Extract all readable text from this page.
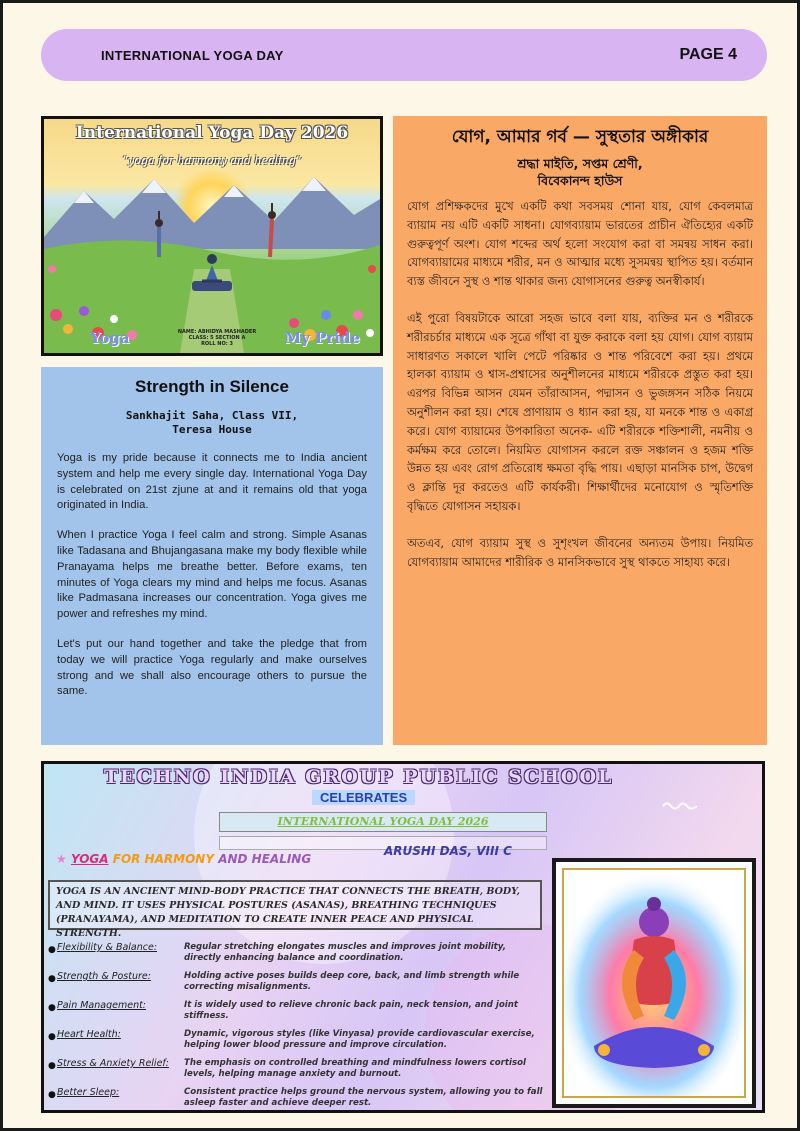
INTERNATIONAL YOGA DAY	PAGE 4
International Yoga Day 2026
“yoga for harmony and healing”
Yoga	NAME: ABHIDYA MASHADER
CLASS: 5 SECTION A
ROLL NO: 3	My Pride
Strength in Silence
Sankhajit Saha, Class VII,
Teresa House

Yoga is my pride because it connects me to India ancient system and help me every single day. International Yoga Day is celebrated on 21st zjune at and it remains old that yoga originated in India.

When I practice Yoga I feel calm and strong. Simple Asanas like Tadasana and Bhujangasana make my body flexible while Pranayama helps me breathe better. Before exams, ten minutes of Yoga clears my mind and helps me focus. Asanas like Padmasana increases our concentration. Yoga gives me power and refreshes my mind.

Let's put our hand together and take the pledge that from today we will practice Yoga regularly and make ourselves strong and we shall also encourage others to pursue the same.

যোগ, আমার গর্ব — সুস্থতার অঙ্গীকার
শ্রদ্ধা মাইতি, সপ্তম শ্রেণী,
বিবেকানন্দ হাউস

যোগ প্রশিক্ষকদের মুখে একটি কথা সবসময় শোনা যায়, যোগ কেবলমাত্র ব্যায়াম নয় এটি একটি সাধনা। যোগব্যায়াম ভারতের প্রাচীন ঐতিহ্যের একটি গুরুত্বপূর্ণ অংশ। যোগ শব্দের অর্থ হলো সংযোগ করা বা সমন্বয় সাধন করা। যোগব্যায়ামের মাধ্যমে শরীর, মন ও আত্মার মধ্যে সুসমন্বয় স্থাপিত হয়। বর্তমান ব্যস্ত জীবনে সুস্থ ও শান্ত থাকার জন্য যোগাসনের গুরুত্ব অনস্বীকার্য।

এই পুরো বিষয়টাকে আরো সহজ ভাবে বলা যায়, ব্যক্তির মন ও শরীরকে শরীরচর্চার মাধ্যমে এক সূত্রে গাঁথা বা যুক্ত করাকে বলা হয় যোগ। যোগ ব্যায়াম সাধারণত সকালে খালি পেটে পরিষ্কার ও শান্ত পরিবেশে করা হয়। প্রথমে হালকা ব্যায়াম ও শ্বাস-প্রশ্বাসের অনুশীলনের মাধ্যমে শরীরকে প্রস্তুত করা হয়। এরপর বিভিন্ন আসন যেমন তাঁরাআসন, পদ্মাসন ও ভুজঙ্গসন সঠিক নিয়মে অনুশীলন করা হয়। শেষে প্রাণায়াম ও ধ্যান করা হয়, যা মনকে শান্ত ও একাগ্র করে। যোগ ব্যায়ামের উপকারিতা অনেক- এটি শরীরকে শক্তিশালী, নমনীয় ও কর্মক্ষম করে তোলে। নিয়মিত যোগাসন করলে রক্ত সঞ্চালন ও হজম শক্তি উন্নত হয় এবং রোগ প্রতিরোধ ক্ষমতা বৃদ্ধি পায়। এছাড়া মানসিক চাপ, উদ্বেগ ও ক্লান্তি দূর করতেও এটি কার্যকরী। শিক্ষার্থীদের মনোযোগ ও স্মৃতিশক্তি বৃদ্ধিতে যোগাসন সহায়ক।

অতএব, যোগ ব্যায়াম সুস্থ ও সুশৃংখল জীবনের অন্যতম উপায়। নিয়মিত যোগব্যায়াম আমাদের শারীরিক ও মানসিকভাবে সুস্থ থাকতে সাহায্য করে।

TECHNO INDIA GROUP PUBLIC SCHOOL
CELEBRATES
INTERNATIONAL YOGA DAY 2026
★ YOGA FOR HARMONY AND HEALING
ARUSHI DAS, VIII C
YOGA IS AN ANCIENT MIND-BODY PRACTICE THAT CONNECTS THE BREATH, BODY, AND MIND. IT USES PHYSICAL POSTURES (ASANAS), BREATHING TECHNIQUES (PRANAYAMA), AND MEDITATION TO CREATE INNER PEACE AND PHYSICAL STRENGTH.
● Flexibility & Balance:	Regular stretching elongates muscles and improves joint mobility, directly enhancing balance and coordination.
● Strength & Posture:	Holding active poses builds deep core, back, and limb strength while correcting misalignments.
● Pain Management:	It is widely used to relieve chronic back pain, neck tension, and joint stiffness.
● Heart Health:	Dynamic, vigorous styles (like Vinyasa) provide cardiovascular exercise, helping lower blood pressure and improve circulation.
● Stress & Anxiety Relief: The emphasis on controlled breathing and mindfulness lowers cortisol levels, helping manage anxiety and burnout.
● Better Sleep:	Consistent practice helps ground the nervous system, allowing you to fall asleep faster and achieve deeper rest.
